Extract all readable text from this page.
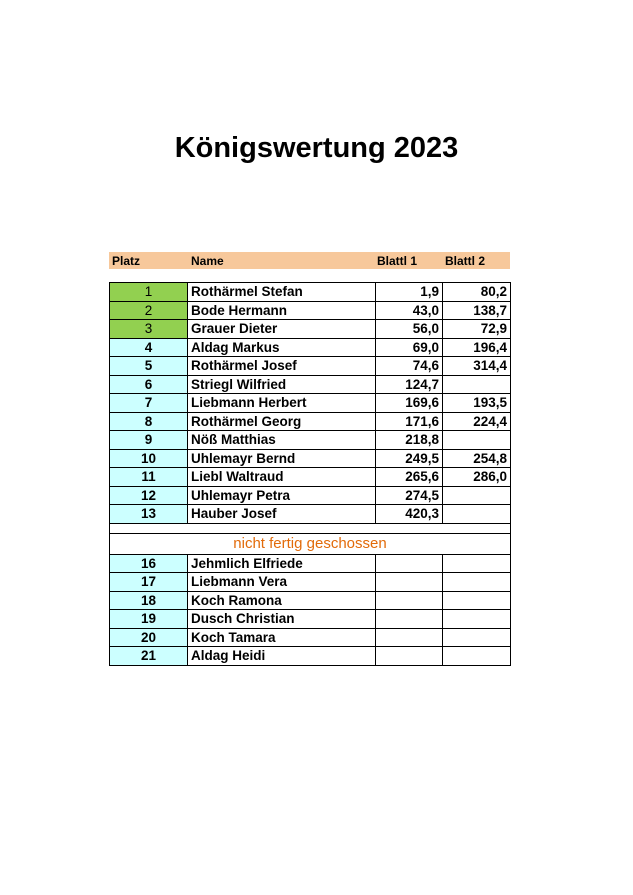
Königswertung 2023
Platz	Name	Blattl 1 Blattl 2
1	Rothärmel Stefan	1,9	80,2
2	Bode Hermann	43,0	138,7
3	Grauer Dieter	56,0	72,9
4	Aldag Markus	69,0	196,4
5	Rothärmel Josef	74,6	314,4
6	Striegl Wilfried	124,7	
7	Liebmann Herbert	169,6	193,5
8	Rothärmel Georg	171,6	224,4
9	Nöß Matthias	218,8	
10	Uhlemayr Bernd	249,5	254,8
11	Liebl Waltraud	265,6	286,0
12	Uhlemayr Petra	274,5	
13	Hauber Josef	420,3	

nicht fertig geschossen			
16	Jehmlich Elfriede		
17	Liebmann Vera		
18	Koch Ramona		
19	Dusch Christian		
20	Koch Tamara		
21	Aldag Heidi		
